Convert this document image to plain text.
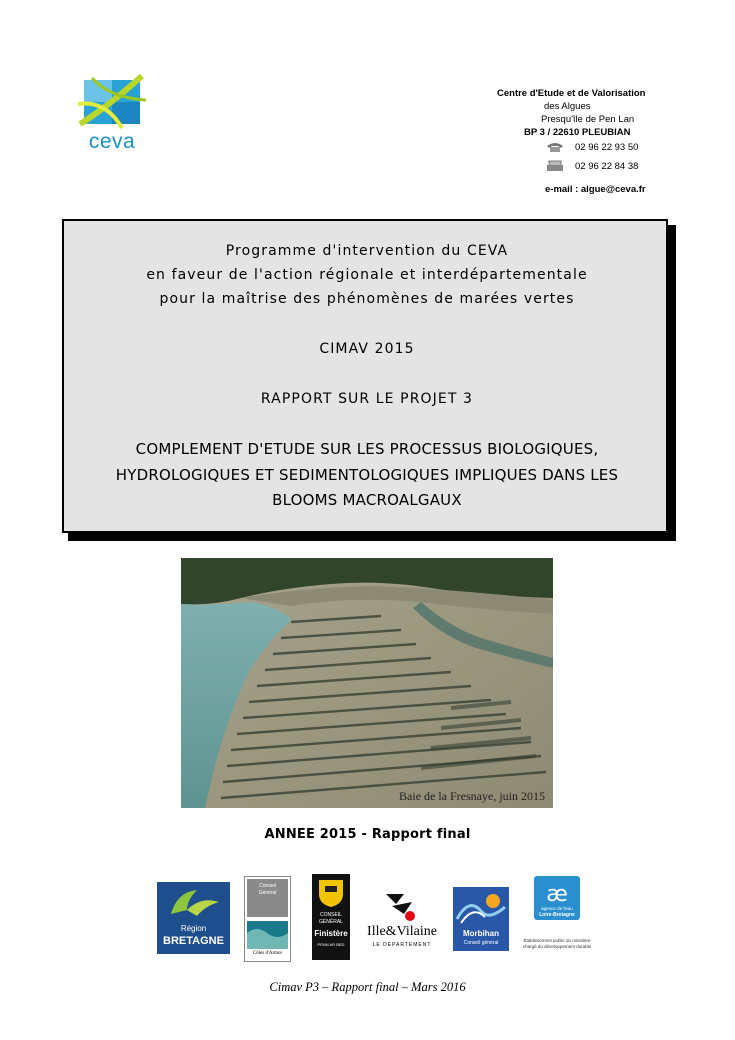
ceva
Centre d'Etude et de Valorisation
des Algues
Presqu'île de Pen Lan
BP 3 / 22610 PLEUBIAN
02 96 22 93 50
02 96 22 84 38
e-mail : algue@ceva.fr
Programme d'intervention du CEVA
en faveur de l'action régionale et interdépartementale
pour la maîtrise des phénomènes de marées vertes
CIMAV 2015
RAPPORT SUR LE PROJET 3
COMPLEMENT D'ETUDE SUR LES PROCESSUS BIOLOGIQUES,
HYDROLOGIQUES ET SEDIMENTOLOGIQUES IMPLIQUES DANS LES
BLOOMS MACROALGAUX
Baie de la Fresnaye, juin 2015
ANNEE 2015 - Rapport final
Région
BRETAGNE
Conseil
Général
Côtes d'Armor
CONSEIL
GÉNÉRAL
Finistère
PENN AR BED
Ille&Vilaine
LE DÉPARTEMENT
Morbihan
Conseil général
æ
agence de l'eau
Loire-Bretagne
Établissement public du ministère
chargé du développement durable
Cimav P3 – Rapport final – Mars 2016
